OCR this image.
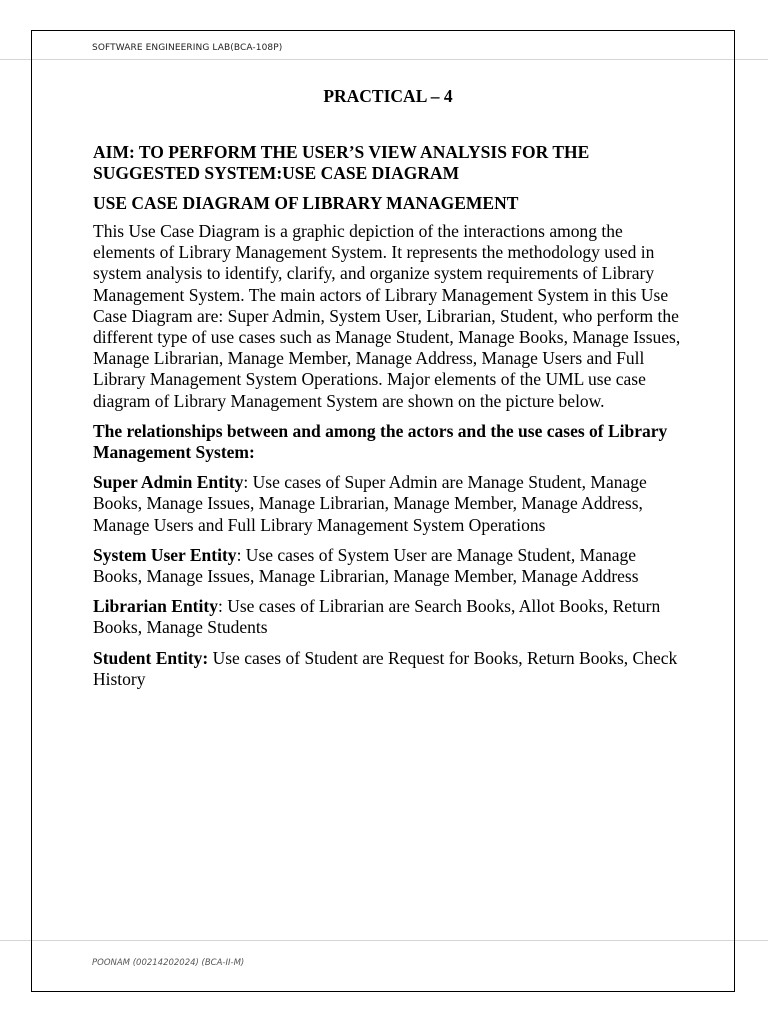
SOFTWARE ENGINEERING LAB(BCA-108P)
PRACTICAL – 4
AIM: TO PERFORM THE USER’S VIEW ANALYSIS FOR THE SUGGESTED SYSTEM:USE CASE DIAGRAM
USE CASE DIAGRAM OF LIBRARY MANAGEMENT
This Use Case Diagram is a graphic depiction of the interactions among the elements of Library Management System. It represents the methodology used in system analysis to identify, clarify, and organize system requirements of Library Management System. The main actors of Library Management System in this Use Case Diagram are: Super Admin, System User, Librarian, Student, who perform the different type of use cases such as Manage Student, Manage Books, Manage Issues, Manage Librarian, Manage Member, Manage Address, Manage Users and Full Library Management System Operations. Major elements of the UML use case diagram of Library Management System are shown on the picture below.
The relationships between and among the actors and the use cases of Library Management System:
Super Admin Entity: Use cases of Super Admin are Manage Student, Manage Books, Manage Issues, Manage Librarian, Manage Member, Manage Address, Manage Users and Full Library Management System Operations
System User Entity: Use cases of System User are Manage Student, Manage Books, Manage Issues, Manage Librarian, Manage Member, Manage Address
Librarian Entity: Use cases of Librarian are Search Books, Allot Books, Return Books, Manage Students
Student Entity: Use cases of Student are Request for Books, Return Books, Check History
POONAM (00214202024) (BCA-II-M)
